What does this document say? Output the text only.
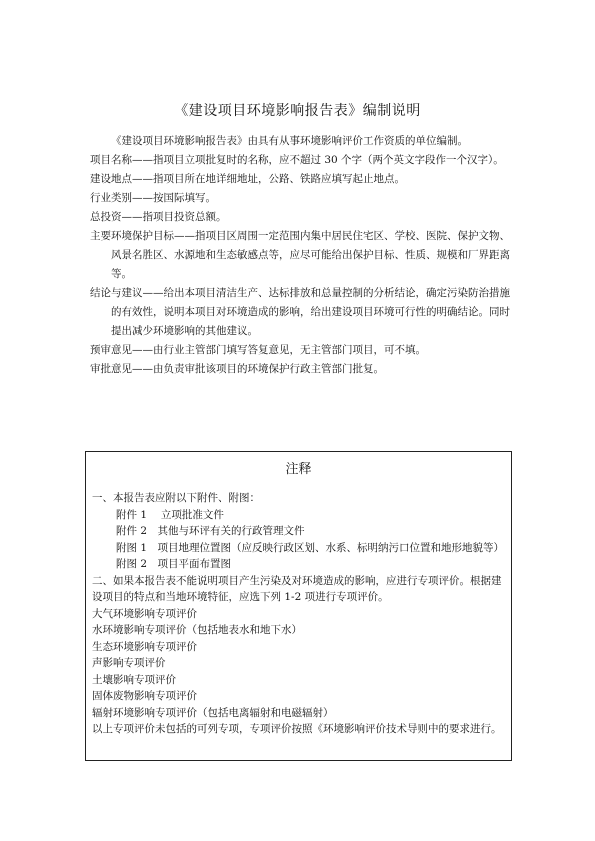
《建设项目环境影响报告表》编制说明

《建设项目环境影响报告表》由具有从事环境影响评价工作资质的单位编制。

项目名称——指项目立项批复时的名称，应不超过 30 个字（两个英文字段作一个汉字）。

建设地点——指项目所在地详细地址，公路、铁路应填写起止地点。

行业类别——按国际填写。

总投资——指项目投资总额。

主要环境保护目标——指项目区周围一定范围内集中居民住宅区、学校、医院、保护文物、风景名胜区、水源地和生态敏感点等，应尽可能给出保护目标、性质、规模和厂界距离等。

结论与建议——给出本项目清洁生产、达标排放和总量控制的分析结论，确定污染防治措施的有效性，说明本项目对环境造成的影响，给出建设项目环境可行性的明确结论。同时提出减少环境影响的其他建议。

预审意见——由行业主管部门填写答复意见，无主管部门项目，可不填。

审批意见——由负责审批该项目的环境保护行政主管部门批复。

注释

一、本报告表应附以下附件、附图：

附件 1　 立项批准文件

附件 2　其他与环评有关的行政管理文件

附图 1　项目地理位置图（应反映行政区划、水系、标明纳污口位置和地形地貌等）

附图 2　项目平面布置图

二、如果本报告表不能说明项目产生污染及对环境造成的影响，应进行专项评价。根据建设项目的特点和当地环境特征，应选下列 1-2 项进行专项评价。

大气环境影响专项评价

水环境影响专项评价（包括地表水和地下水）

生态环境影响专项评价

声影响专项评价

土壤影响专项评价

固体废物影响专项评价

辐射环境影响专项评价（包括电离辐射和电磁辐射）

以上专项评价未包括的可列专项，专项评价按照《环境影响评价技术导则中的要求进行。
